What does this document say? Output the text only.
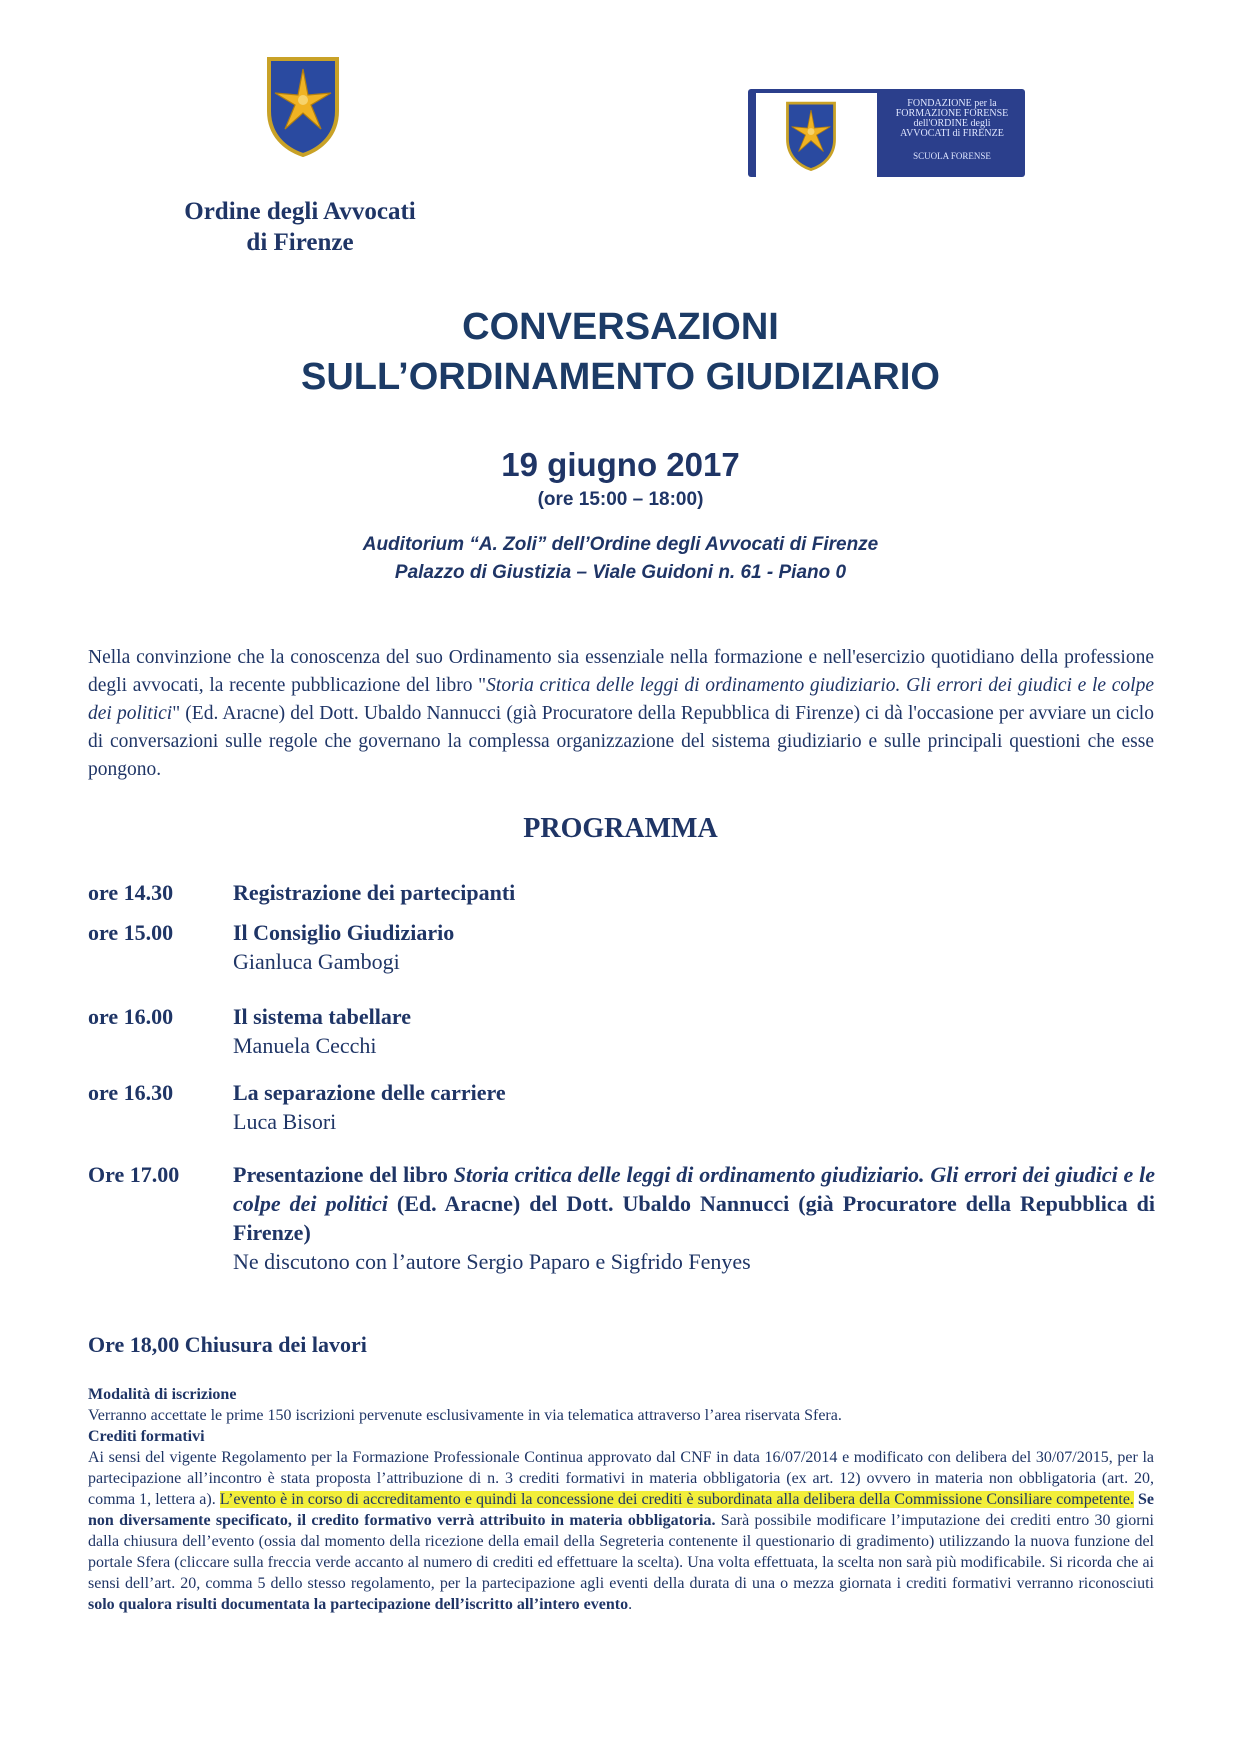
FONDAZIONE per la
FORMAZIONE FORENSE
dell'ORDINE degli
AVVOCATI di FIRENZE
SCUOLA FORENSE
Ordine degli Avvocati
di Firenze
CONVERSAZIONI
SULL’ORDINAMENTO GIUDIZIARIO
19 giugno 2017
(ore 15:00 – 18:00)
Auditorium “A. Zoli” dell’Ordine degli Avvocati di Firenze
Palazzo di Giustizia – Viale Guidoni n. 61 - Piano 0
Nella convinzione che la conoscenza del suo Ordinamento sia essenziale nella formazione e nell'esercizio quotidiano della professione degli avvocati, la recente pubblicazione del libro "Storia critica delle leggi di ordinamento giudiziario. Gli errori dei giudici e le colpe dei politici" (Ed. Aracne) del Dott. Ubaldo Nannucci (già Procuratore della Repubblica di Firenze) ci dà l'occasione per avviare un ciclo di conversazioni sulle regole che governano la complessa organizzazione del sistema giudiziario e sulle principali questioni che esse pongono.
PROGRAMMA
ore 14.30	Registrazione dei partecipanti
ore 15.00	Il Consiglio Giudiziario
Gianluca Gambogi
ore 16.00	Il sistema tabellare
Manuela Cecchi
ore 16.30	La separazione delle carriere
Luca Bisori
Ore 17.00 Presentazione del libro Storia critica delle leggi di ordinamento giudiziario. Gli errori dei giudici e le colpe dei politici (Ed. Aracne) del Dott. Ubaldo Nannucci (già Procuratore della Repubblica di Firenze)
Ne discutono con l’autore Sergio Paparo e Sigfrido Fenyes
Ore 18,00 Chiusura dei lavori
Modalità di iscrizione
Verranno accettate le prime 150 iscrizioni pervenute esclusivamente in via telematica attraverso l’area riservata Sfera.
Crediti formativi
Ai sensi del vigente Regolamento per la Formazione Professionale Continua approvato dal CNF in data 16/07/2014 e modificato con delibera del 30/07/2015, per la partecipazione all’incontro è stata proposta l’attribuzione di n. 3 crediti formativi in materia obbligatoria (ex art. 12) ovvero in materia non obbligatoria (art. 20, comma 1, lettera a). L’evento è in corso di accreditamento e quindi la concessione dei crediti è subordinata alla delibera della Commissione Consiliare competente. Se non diversamente specificato, il credito formativo verrà attribuito in materia obbligatoria. Sarà possibile modificare l’imputazione dei crediti entro 30 giorni dalla chiusura dell’evento (ossia dal momento della ricezione della email della Segreteria contenente il questionario di gradimento) utilizzando la nuova funzione del portale Sfera (cliccare sulla freccia verde accanto al numero di crediti ed effettuare la scelta). Una volta effettuata, la scelta non sarà più modificabile. Si ricorda che ai sensi dell’art. 20, comma 5 dello stesso regolamento, per la partecipazione agli eventi della durata di una o mezza giornata i crediti formativi verranno riconosciuti solo qualora risulti documentata la partecipazione dell’iscritto all’intero evento.
